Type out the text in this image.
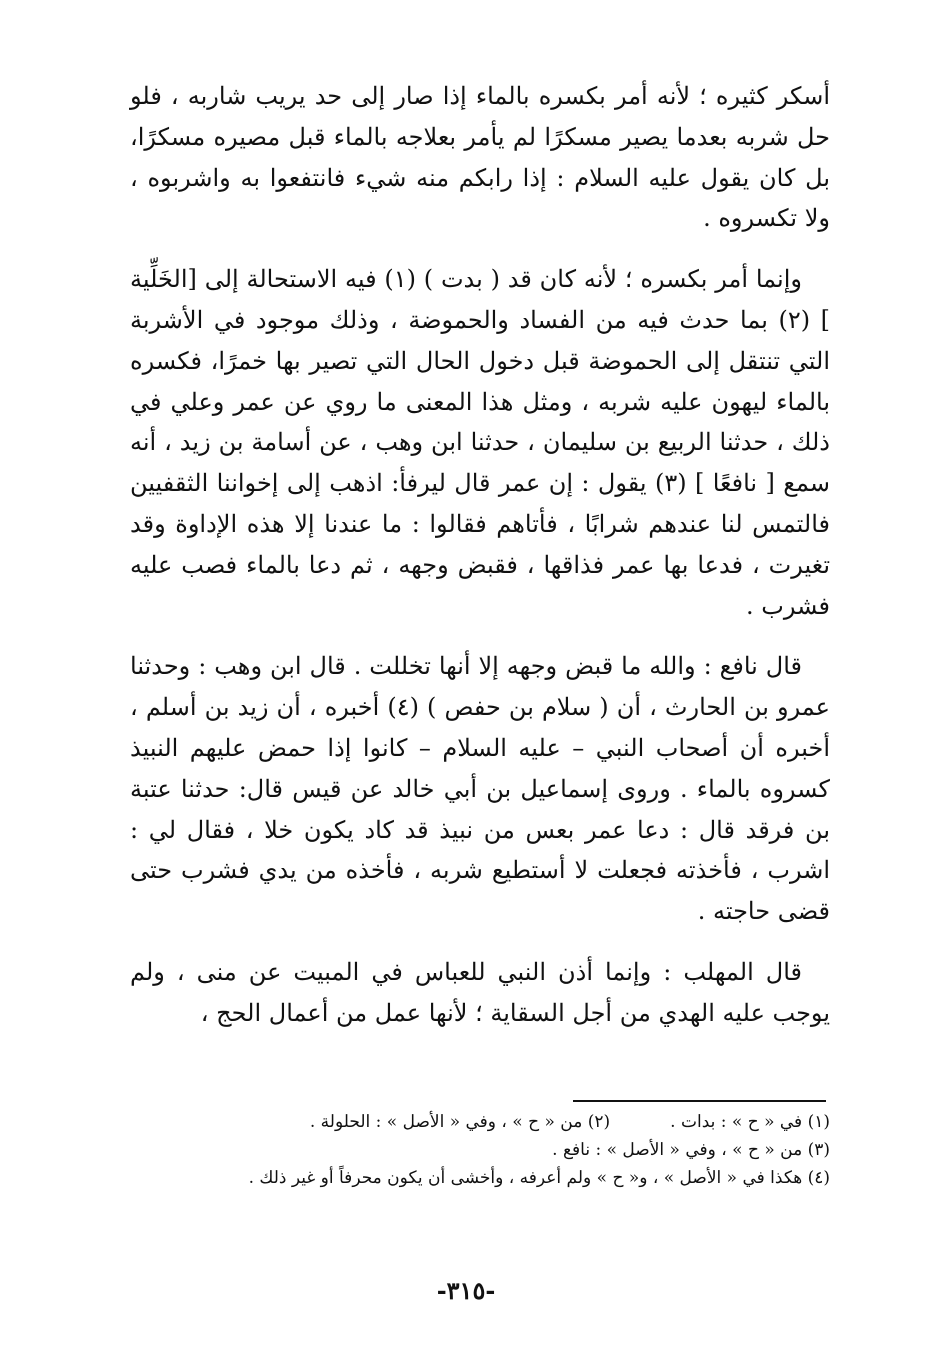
أسكر كثيره ؛ لأنه أمر بكسره بالماء إذا صار إلى حد يريب شاربه ، فلو حل شربه بعدما يصير مسكرًا لم يأمر بعلاجه بالماء قبل مصيره مسكرًا، بل كان يقول عليه السلام : إذا رابكم منه شيء فانتفعوا به واشربوه ، ولا تكسروه .

وإنما أمر بكسره ؛ لأنه كان قد ( بدت ) (١) فيه الاستحالة إلى [الخَلِّية ] (٢) بما حدث فيه من الفساد والحموضة ، وذلك موجود في الأشربة التي تنتقل إلى الحموضة قبل دخول الحال التي تصير بها خمرًا، فكسره بالماء ليهون عليه شربه ، ومثل هذا المعنى ما روي عن عمر وعلي في ذلك ، حدثنا الربيع بن سليمان ، حدثنا ابن وهب ، عن أسامة بن زيد ، أنه سمع [ نافعًا ] (٣) يقول : إن عمر قال ليرفأ: اذهب إلى إخواننا الثقفيين فالتمس لنا عندهم شرابًا ، فأتاهم فقالوا : ما عندنا إلا هذه الإداوة وقد تغيرت ، فدعا بها عمر فذاقها ، فقبض وجهه ، ثم دعا بالماء فصب عليه فشرب .

قال نافع : والله ما قبض وجهه إلا أنها تخللت . قال ابن وهب : وحدثنا عمرو بن الحارث ، أن ( سلام بن حفص ) (٤) أخبره ، أن زيد بن أسلم ، أخبره أن أصحاب النبي – عليه السلام – كانوا إذا حمض عليهم النبيذ كسروه بالماء . وروى إسماعيل بن أبي خالد عن قيس قال: حدثنا عتبة بن فرقد قال : دعا عمر بعس من نبيذ قد كاد يكون خلا ، فقال لي : اشرب ، فأخذته فجعلت لا أستطيع شربه ، فأخذه من يدي فشرب حتى قضى حاجته .

قال المهلب : وإنما أذن النبي للعباس في المبيت عن منى ، ولم يوجب عليه الهدي من أجل السقاية ؛ لأنها عمل من أعمال الحج ،

(١) في « ح » : بدات .
(٢) من « ح » ، وفي « الأصل » : الحلولة .
(٣) من « ح » ، وفي « الأصل » : نافع .
(٤) هكذا في « الأصل » ، و« ح » ولم أعرفه ، وأخشى أن يكون محرفاً أو غير ذلك .
-٣١٥-
